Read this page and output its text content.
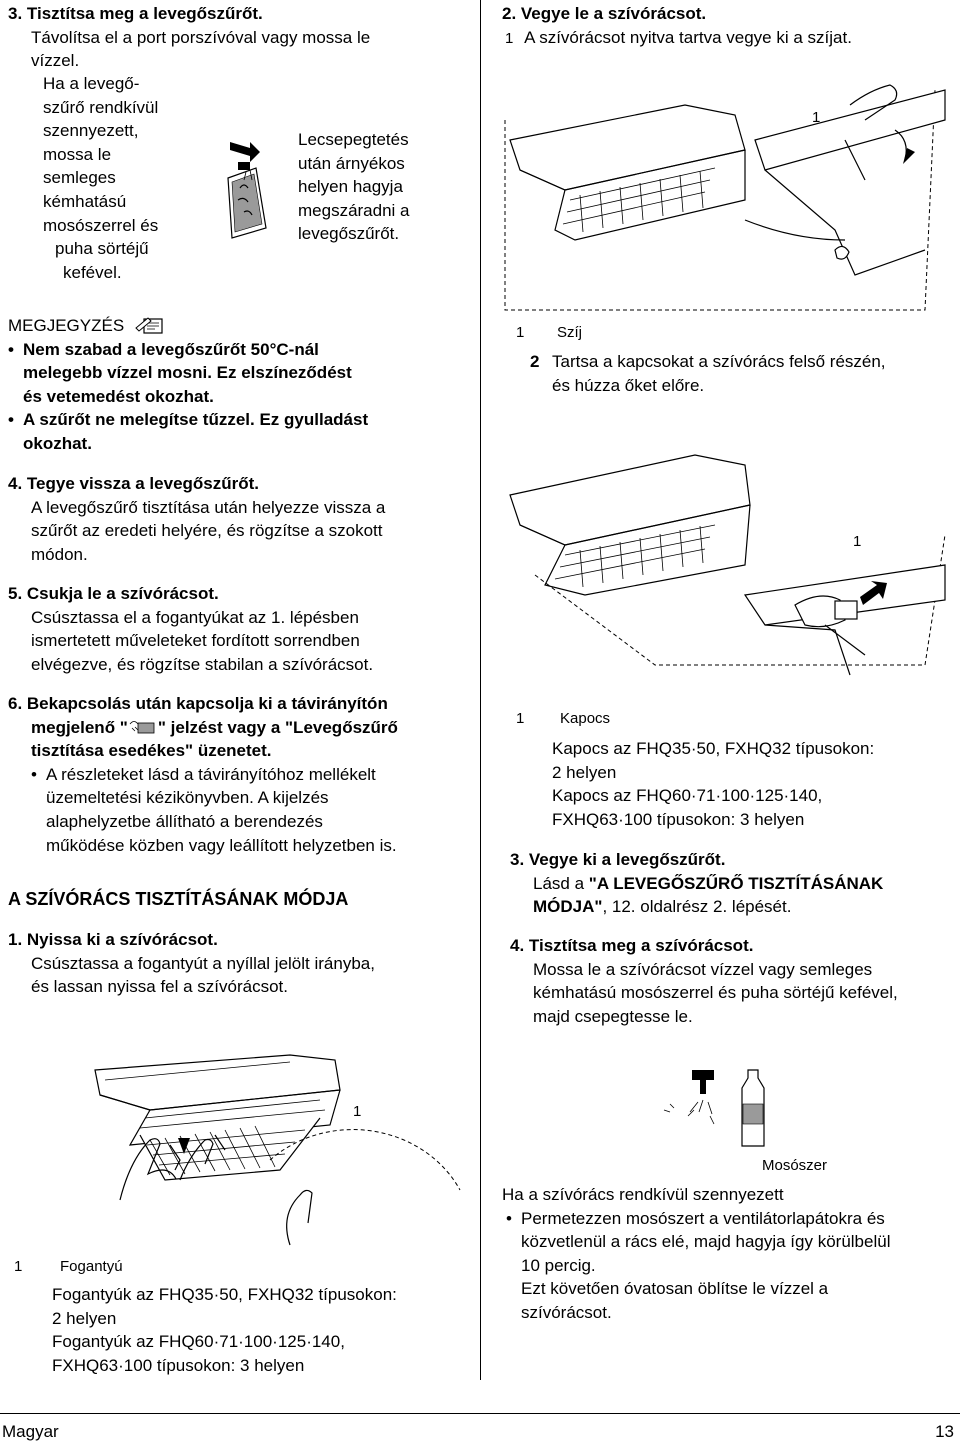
3. Tisztítsa meg a levegőszűrőt.
Távolítsa el a port porszívóval vagy mossa le
vízzel.
Ha a levegő-
szűrő rendkívül
szennyezett,
mossa le
semleges
kémhatású
mosószerrel és
puha sörtéjű
kefével.
Lecsepegtetés
után árnyékos
helyen hagyja
megszáradni a
levegőszűrőt.
MEGJEGYZÉS
• Nem szabad a levegőszűrőt 50°C-nál
melegebb vízzel mosni. Ez elszíneződést
és vetemedést okozhat.
• A szűrőt ne melegítse tűzzel. Ez gyulladást
okozhat.
4. Tegye vissza a levegőszűrőt.
A levegőszűrő tisztítása után helyezze vissza a
szűrőt az eredeti helyére, és rögzítse a szokott
módon.
5. Csukja le a szívórácsot.
Csúsztassa el a fogantyúkat az 1. lépésben
ismertetett műveleteket fordított sorrendben
elvégezve, és rögzítse stabilan a szívórácsot.
6. Bekapcsolás után kapcsolja ki a távirányítón
megjelenő " " jelzést vagy a "Levegőszűrő
tisztítása esedékes" üzenetet.
• A részleteket lásd a távirányítóhoz mellékelt
üzemeltetési kézikönyvben. A kijelzés
alaphelyzetbe állítható a berendezés
működése közben vagy leállított helyzetben is.
A SZÍVÓRÁCS TISZTÍTÁSÁNAK MÓDJA
1. Nyissa ki a szívórácsot.
Csúsztassa a fogantyút a nyíllal jelölt irányba,
és lassan nyissa fel a szívórácsot.
1
1	Fogantyú
Fogantyúk az FHQ35·50, FXHQ32 típusokon:
2 helyen
Fogantyúk az FHQ60·71·100·125·140,
FXHQ63·100 típusokon: 3 helyen
2. Vegye le a szívórácsot.
1 A szívórácsot nyitva tartva vegye ki a szíjat.
1
1 Szíj
2 Tartsa a kapcsokat a szívórács felső részén,
és húzza őket előre.
1
1 Kapocs
Kapocs az FHQ35·50, FXHQ32 típusokon:
2 helyen
Kapocs az FHQ60·71·100·125·140,
FXHQ63·100 típusokon: 3 helyen
3. Vegye ki a levegőszűrőt.
Lásd a "A LEVEGŐSZŰRŐ TISZTÍTÁSÁNAK
MÓDJA", 12. oldalrész 2. lépését.
4. Tisztítsa meg a szívórácsot.
Mossa le a szívórácsot vízzel vagy semleges
kémhatású mosószerrel és puha sörtéjű kefével,
majd csepegtesse le.
Mosószer
Ha a szívórács rendkívül szennyezett
• Permetezzen mosószert a ventilátorlapátokra és
közvetlenül a rács elé, majd hagyja így körülbelül
10 percig.
Ezt követően óvatosan öblítse le vízzel a
szívórácsot.
Magyar	13
